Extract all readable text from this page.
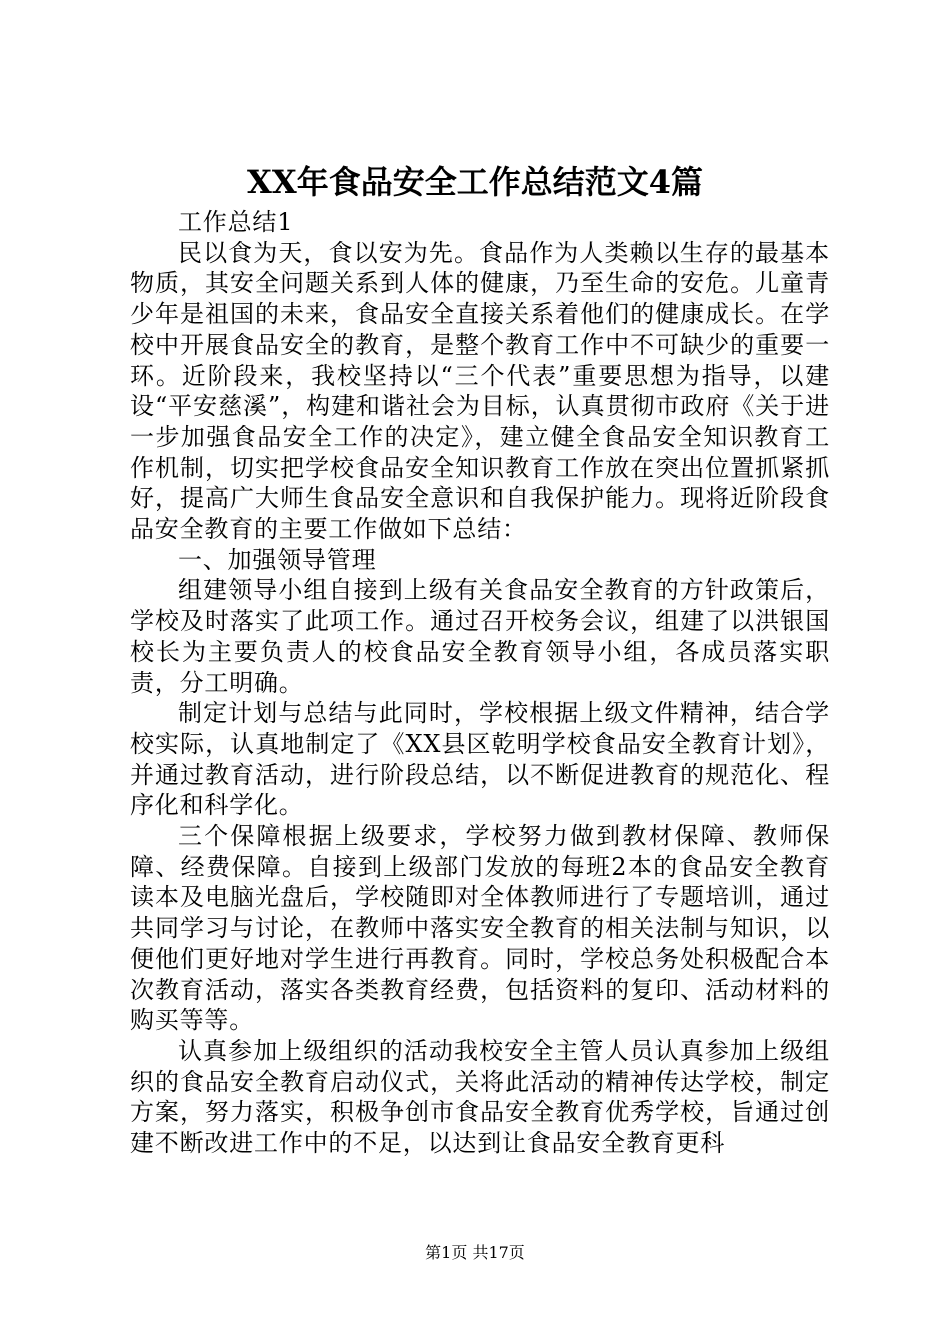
XX年食品安全工作总结范文4篇

工作总结1

民以食为天，食以安为先。食品作为人类赖以生存的最基本物质，其安全问题关系到人体的健康，乃至生命的安危。儿童青少年是祖国的未来，食品安全直接关系着他们的健康成长。在学校中开展食品安全的教育，是整个教育工作中不可缺少的重要一环。近阶段来，我校坚持以“三个代表”重要思想为指导，以建设“平安慈溪”，构建和谐社会为目标，认真贯彻市政府《关于进一步加强食品安全工作的决定》，建立健全食品安全知识教育工作机制，切实把学校食品安全知识教育工作放在突出位置抓紧抓好，提高广大师生食品安全意识和自我保护能力。现将近阶段食品安全教育的主要工作做如下总结：

一、加强领导管理

组建领导小组自接到上级有关食品安全教育的方针政策后，学校及时落实了此项工作。通过召开校务会议，组建了以洪银国校长为主要负责人的校食品安全教育领导小组，各成员落实职责，分工明确。

制定计划与总结与此同时，学校根据上级文件精神，结合学校实际，认真地制定了《XX县区乾明学校食品安全教育计划》，并通过教育活动，进行阶段总结，以不断促进教育的规范化、程序化和科学化。

三个保障根据上级要求，学校努力做到教材保障、教师保障、经费保障。自接到上级部门发放的每班2本的食品安全教育读本及电脑光盘后，学校随即对全体教师进行了专题培训，通过共同学习与讨论，在教师中落实安全教育的相关法制与知识，以便他们更好地对学生进行再教育。同时，学校总务处积极配合本次教育活动，落实各类教育经费，包括资料的复印、活动材料的购买等等。

认真参加上级组织的活动我校安全主管人员认真参加上级组织的食品安全教育启动仪式，关将此活动的精神传达学校，制定方案，努力落实，积极争创市食品安全教育优秀学校，旨通过创建不断改进工作中的不足，以达到让食品安全教育更科

第1页 共17页
